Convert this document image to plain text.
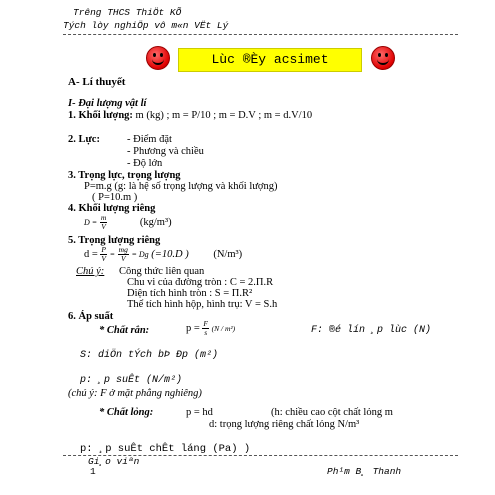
Trêng THCS ThiÖt KÕ
Tých lòy nghiÖp vô m«n VËt Lý
Lùc ®Èy acsimet
A- Lí thuyết
I- Đại lượng vật lí
1. Khối lượng: m (kg) ; m = P/10 ; m = D.V ; m = d.V/10
2. Lực:	- Điểm đặt
- Phương và chiều
- Độ lớn
3. Trọng lực, trọng lượng
P=m.g (g: là hệ số trọng lượng và khối lượng)
( P=10.m )
4. Khối lượng riêng
$D = \frac{m}{V}$	(kg/m³)
5. Trọng lượng riêng
$d = \frac{P}{V} = \frac{mg}{V} = Dg$ (=10.D ) (N/m³)
Chú ý: Công thức liên quan
Chu vi của đường tròn : C = 2.Π.R
Diện tích hình tròn : S = Π.R²
Thể tích hình hộp, hình trụ: V = S.h
6. Áp suất
* Chất rắn:	$p = \frac{F}{s} (N / m^2)$	F: ®é lín ¸p lùc (N)
S: diÖn tÝch bÞ Ðp (m²)
p: ¸p suÊt (N/m²)
(chú ý: F ở mặt phẳng nghiêng)
* Chất lỏng:	p = hd	(h: chiều cao cột chất lỏng m
d: trọng lượng riêng chất lỏng N/m³
p: ¸p suÊt chÊt láng (Pa) )
Gi¸o viªn
1	Ph¹m B¸ Thanh
